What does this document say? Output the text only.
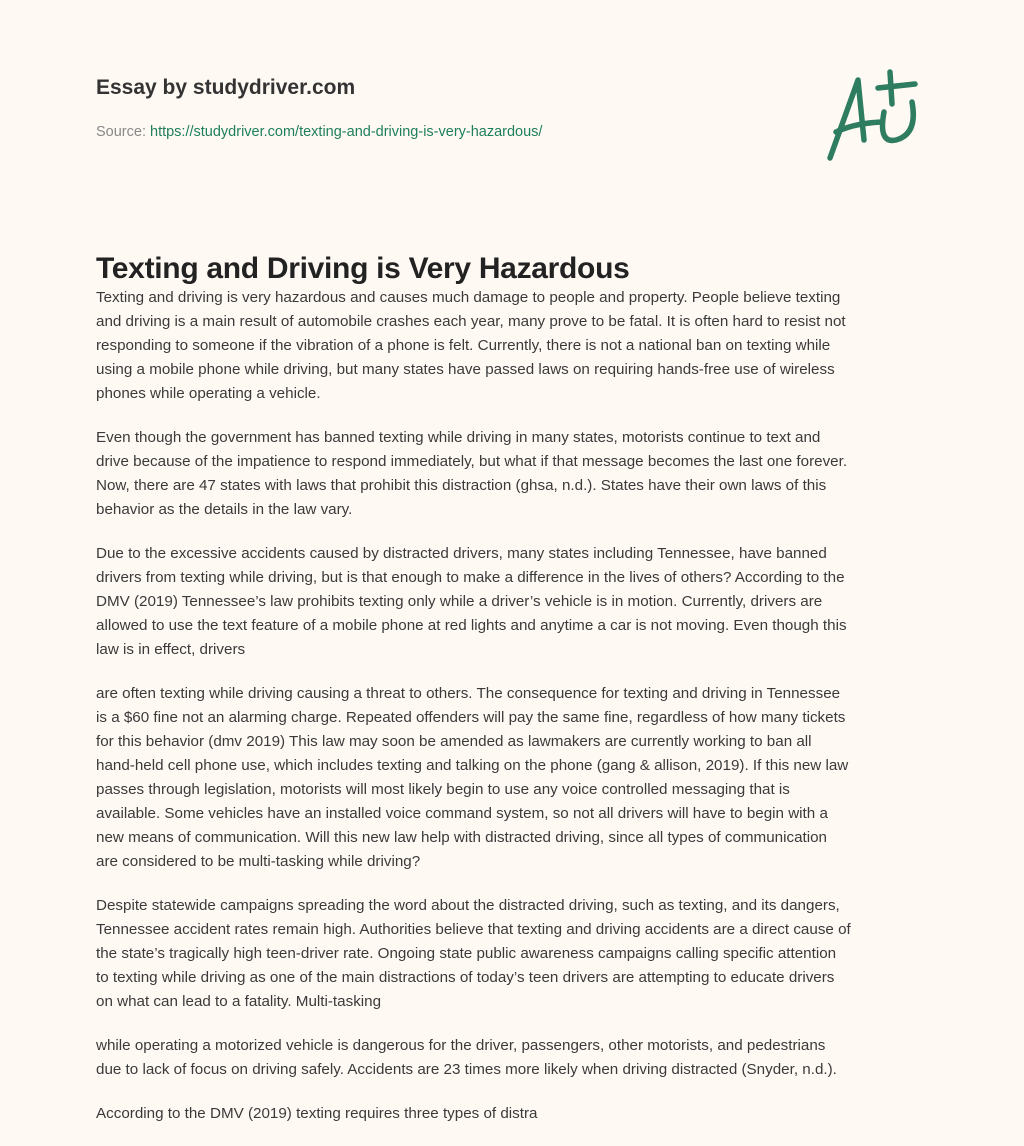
Essay by studydriver.com
Source: https://studydriver.com/texting-and-driving-is-very-hazardous/
Texting and Driving is Very Hazardous

Texting and driving is very hazardous and causes much damage to people and property. People believe texting
and driving is a main result of automobile crashes each year, many prove to be fatal. It is often hard to resist not
responding to someone if the vibration of a phone is felt. Currently, there is not a national ban on texting while
using a mobile phone while driving, but many states have passed laws on requiring hands-free use of wireless
phones while operating a vehicle.

Even though the government has banned texting while driving in many states, motorists continue to text and
drive because of the impatience to respond immediately, but what if that message becomes the last one forever.
Now, there are 47 states with laws that prohibit this distraction (ghsa, n.d.). States have their own laws of this
behavior as the details in the law vary.

Due to the excessive accidents caused by distracted drivers, many states including Tennessee, have banned
drivers from texting while driving, but is that enough to make a difference in the lives of others? According to the
DMV (2019) Tennessee’s law prohibits texting only while a driver’s vehicle is in motion. Currently, drivers are
allowed to use the text feature of a mobile phone at red lights and anytime a car is not moving. Even though this
law is in effect, drivers

are often texting while driving causing a threat to others. The consequence for texting and driving in Tennessee
is a $60 fine not an alarming charge. Repeated offenders will pay the same fine, regardless of how many tickets
for this behavior (dmv 2019) This law may soon be amended as lawmakers are currently working to ban all
hand-held cell phone use, which includes texting and talking on the phone (gang & allison, 2019). If this new law
passes through legislation, motorists will most likely begin to use any voice controlled messaging that is
available. Some vehicles have an installed voice command system, so not all drivers will have to begin with a
new means of communication. Will this new law help with distracted driving, since all types of communication
are considered to be multi-tasking while driving?

Despite statewide campaigns spreading the word about the distracted driving, such as texting, and its dangers,
Tennessee accident rates remain high. Authorities believe that texting and driving accidents are a direct cause of
the state’s tragically high teen-driver rate. Ongoing state public awareness campaigns calling specific attention
to texting while driving as one of the main distractions of today’s teen drivers are attempting to educate drivers
on what can lead to a fatality. Multi-tasking

while operating a motorized vehicle is dangerous for the driver, passengers, other motorists, and pedestrians
due to lack of focus on driving safely. Accidents are 23 times more likely when driving distracted (Snyder, n.d.).

According to the DMV (2019) texting requires three types of distra
